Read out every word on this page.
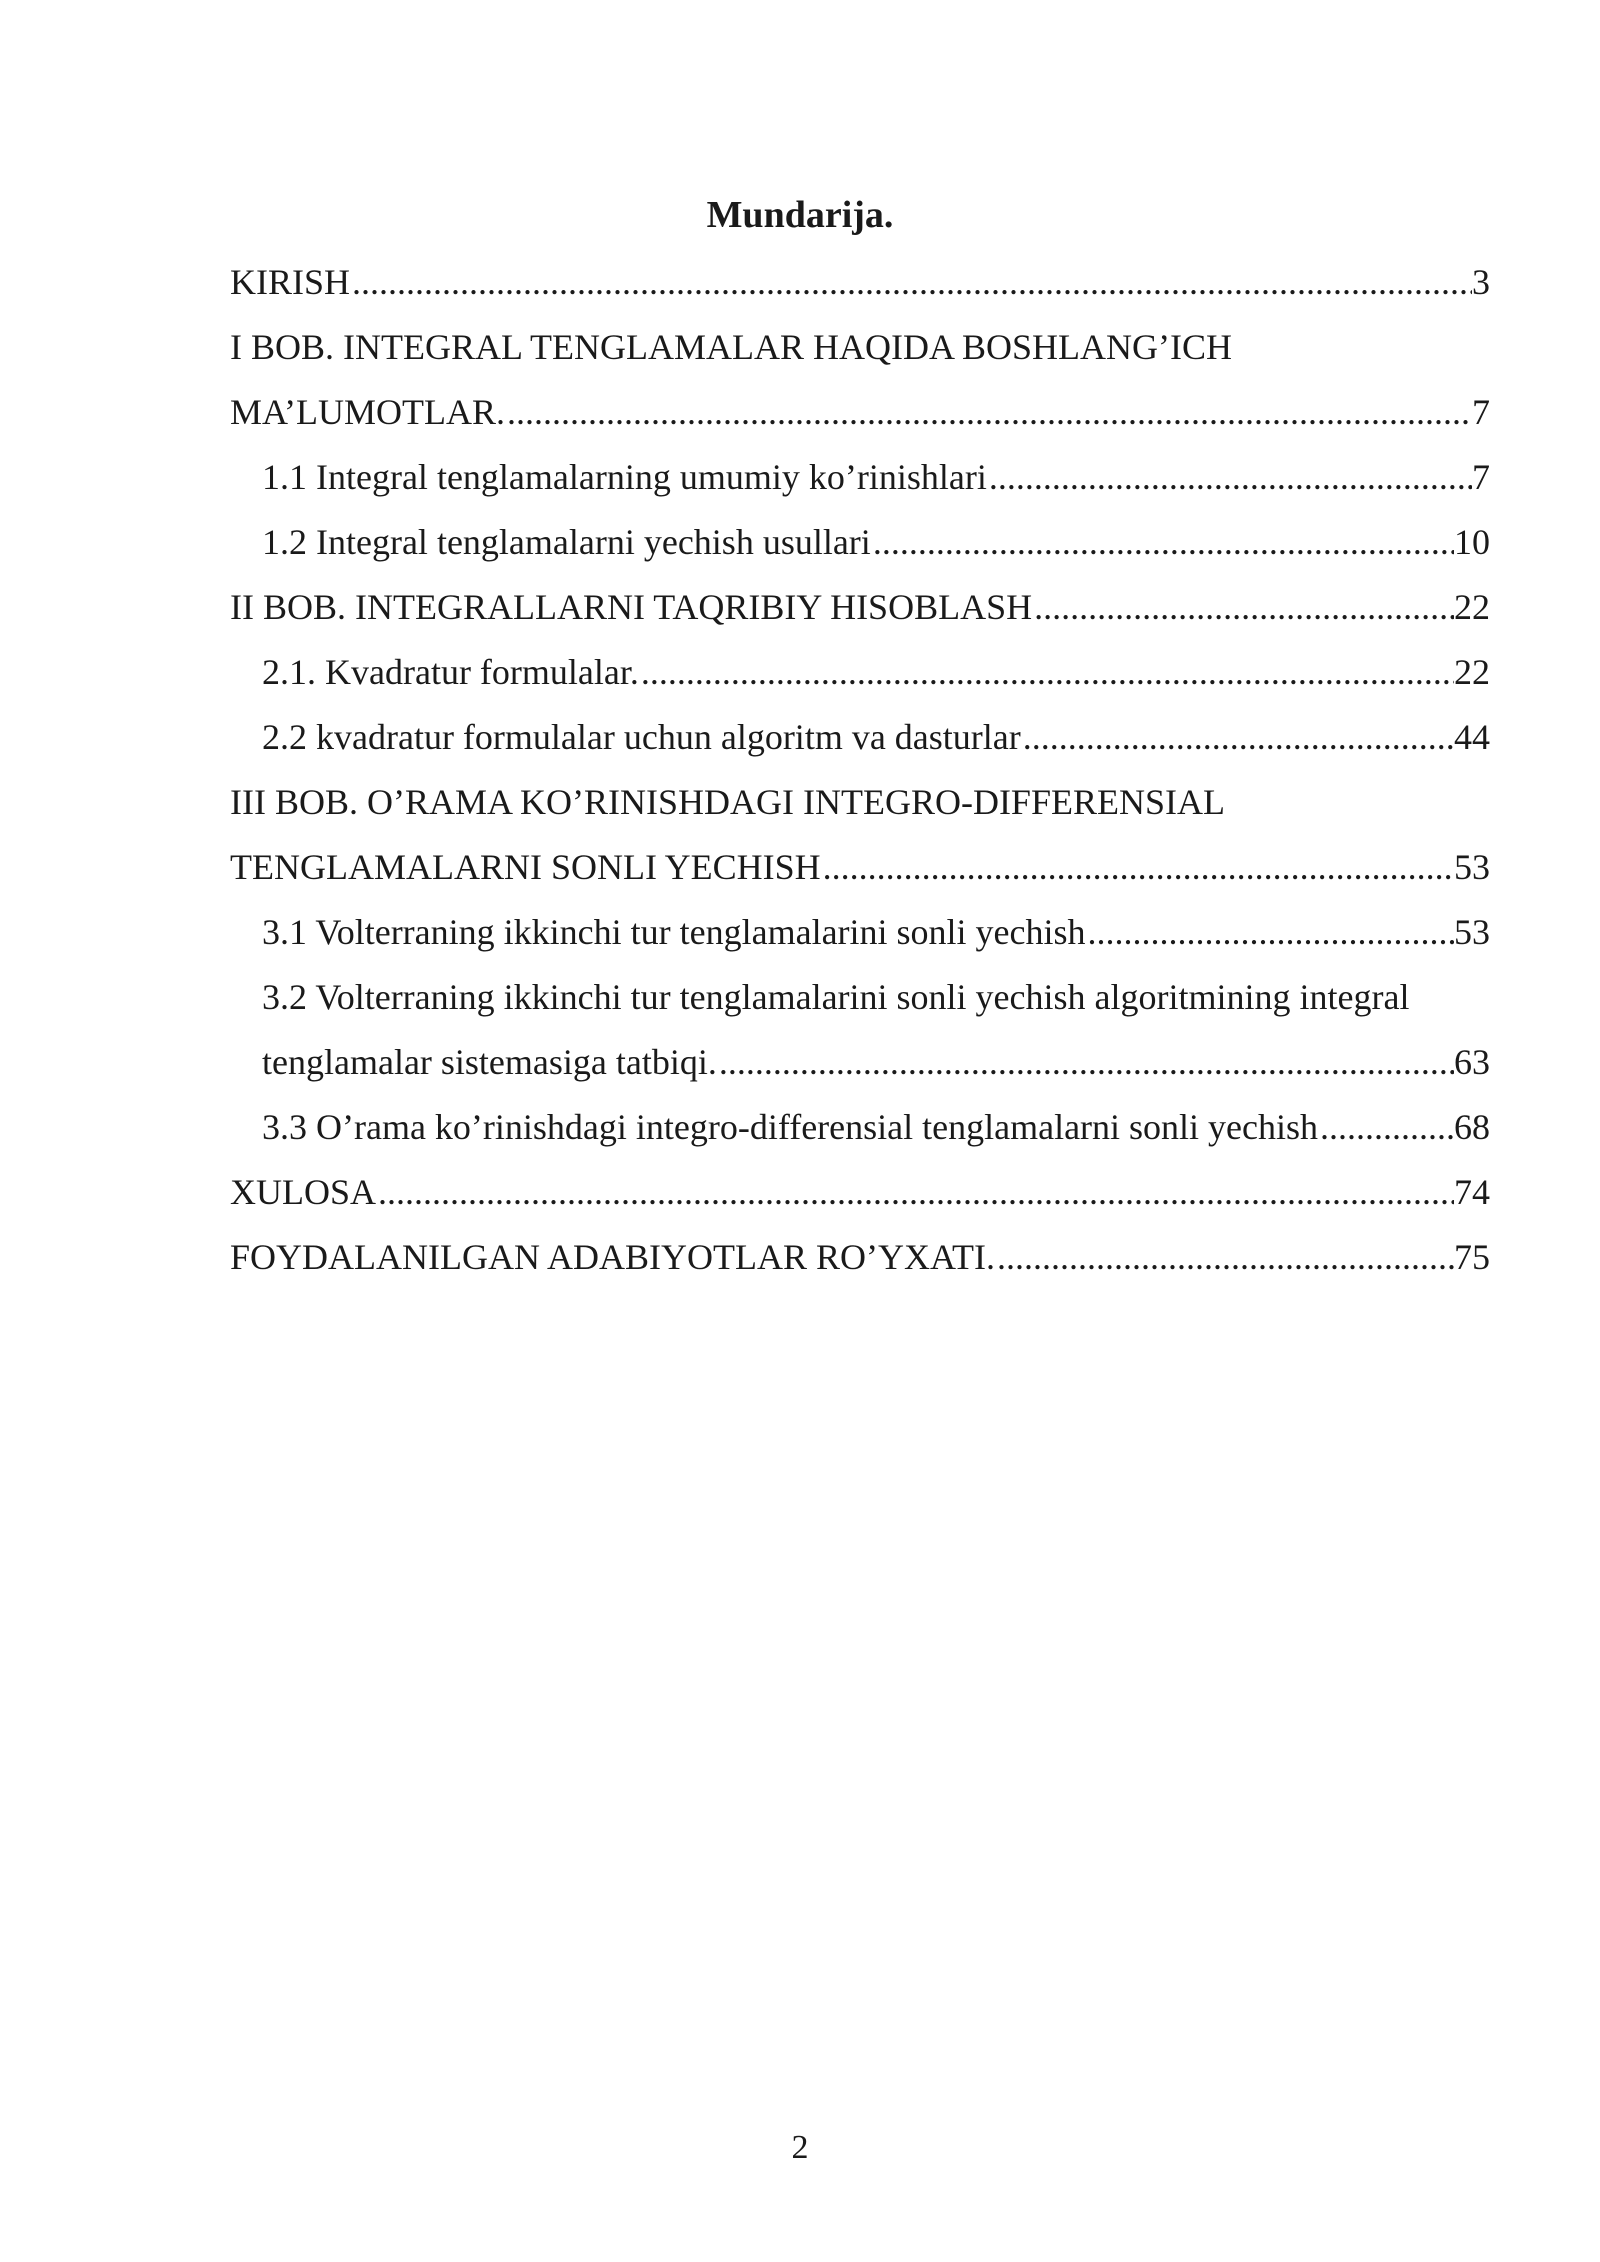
Mundarija.
KIRISH .....	3
I BOB. INTEGRAL TENGLAMALAR HAQIDA BOSHLANG’ICH
MA’LUMOTLAR. .....	7
1.1 Integral tenglamalarning umumiy ko’rinishlari .....	7
1.2 Integral tenglamalarni yechish usullari .....	10
II BOB. INTEGRALLARNI TAQRIBIY HISOBLASH .....	22
2.1. Kvadratur formulalar. .....	22
2.2 kvadratur formulalar uchun algoritm va dasturlar .....	44
III BOB. O’RAMA KO’RINISHDAGI INTEGRO-DIFFERENSIAL
TENGLAMALARNI SONLI YECHISH .....	53
3.1 Volterraning ikkinchi tur tenglamalarini sonli yechish .....	53
3.2 Volterraning ikkinchi tur tenglamalarini sonli yechish algoritmining integral
tenglamalar sistemasiga tatbiqi. .....	63
3.3 O’rama ko’rinishdagi integro-differensial tenglamalarni sonli yechish .....	68
XULOSA .....	74
FOYDALANILGAN ADABIYOTLAR RO’YXATI. .....	75
2
